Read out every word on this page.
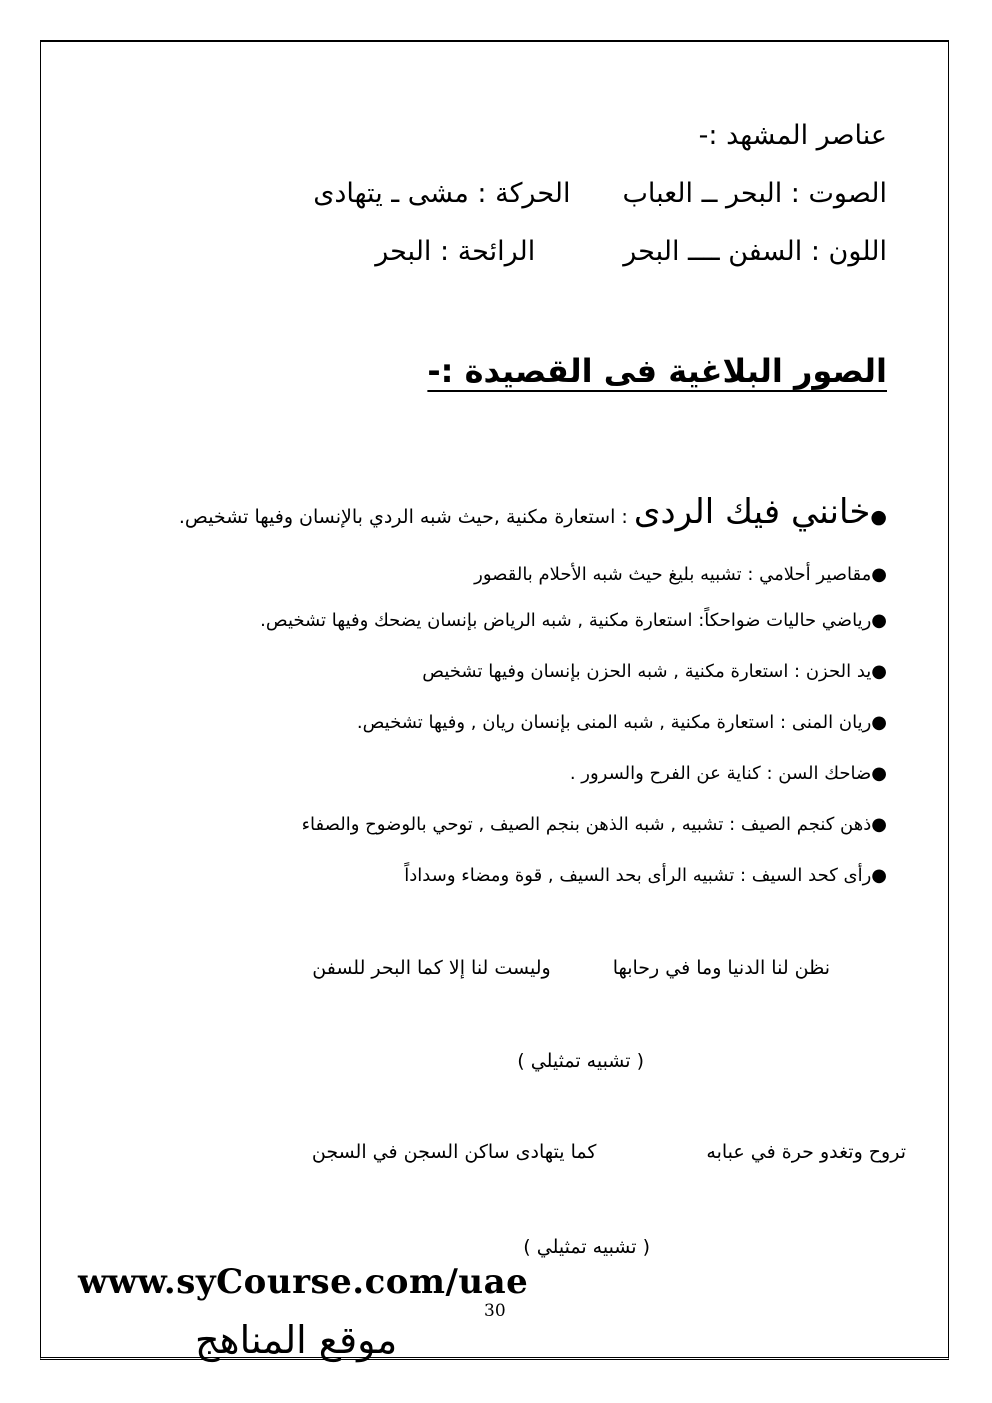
عناصر المشهد :-
الصوت : البحر ــ العباب
الحركة : مشى ـ يتهادى
اللون : السفن ــــ البحر
الرائحة : البحر
الصور البلاغية فى القصيدة :-
●خانني فيك الردى : استعارة مكنية ,حيث شبه الردي بالإنسان وفيها تشخيص.
●مقاصير أحلامي : تشبيه بليغ حيث شبه الأحلام بالقصور
●رياضي حاليات ضواحكاً: استعارة مكنية , شبه الرياض بإنسان يضحك وفيها تشخيص.
●يد الحزن : استعارة مكنية , شبه الحزن بإنسان وفيها تشخيص
●ريان المنى : استعارة مكنية , شبه المنى بإنسان ريان , وفيها تشخيص.
●ضاحك السن : كناية عن الفرح والسرور .
●ذهن كنجم الصيف : تشبيه , شبه الذهن بنجم الصيف , توحي بالوضوح والصفاء
●رأى كحد السيف : تشبيه الرأى بحد السيف , قوة ومضاء وسداداً
نظن لنا الدنيا وما في رحابها
وليست لنا إلا كما البحر للسفن
( تشبيه تمثيلي )
تروح وتغدو حرة في عبابه
كما يتهادى ساكن السجن في السجن
( تشبيه تمثيلي )
www.syCourse.com/uae
30
موقع المناهج
